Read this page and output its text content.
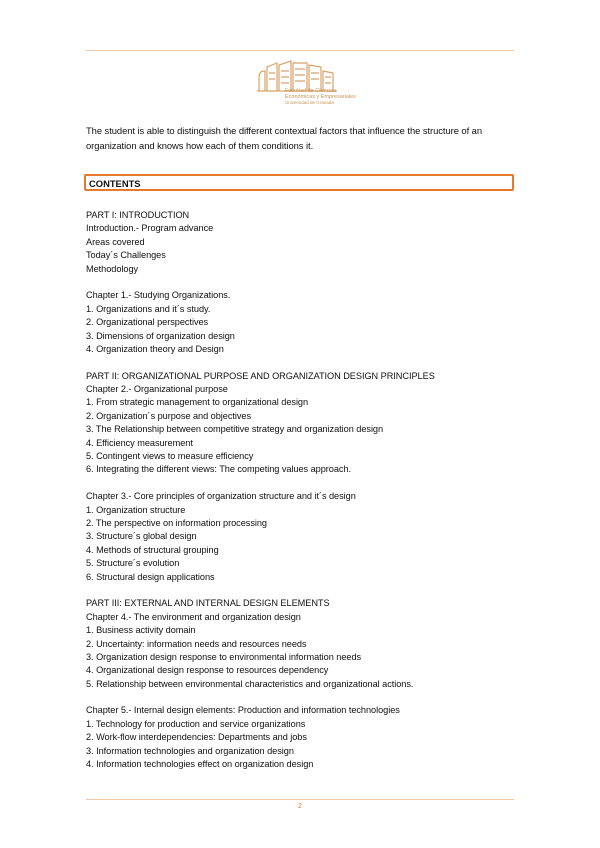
Facultad de Ciencias
Económicas y Empresariales
Universidad de Granada
The student is able to distinguish the different contextual factors that influence the structure of an organization and knows how each of them conditions it.
CONTENTS
PART I: INTRODUCTION
Introduction.- Program advance
Areas covered
Today´s Challenges
Methodology
Chapter 1.- Studying Organizations.
1. Organizations and it´s study.
2. Organizational perspectives
3. Dimensions of organization design
4. Organization theory and Design
PART II: ORGANIZATIONAL PURPOSE AND ORGANIZATION DESIGN PRINCIPLES
Chapter 2.- Organizational purpose
1. From strategic management to organizational design
2. Organization´s purpose and objectives
3. The Relationship between competitive strategy and organization design
4. Efficiency measurement
5. Contingent views to measure efficiency
6. Integrating the different views: The competing values approach.
Chapter 3.- Core principles of organization structure and it´s design
1. Organization structure
2. The perspective on information processing
3. Structure´s global design
4. Methods of structural grouping
5. Structure´s evolution
6. Structural design applications
PART III: EXTERNAL AND INTERNAL DESIGN ELEMENTS
Chapter 4.- The environment and organization design
1. Business activity domain
2. Uncertainty: information needs and resources needs
3. Organization design response to environmental information needs
4. Organizational design response to resources dependency
5. Relationship between environmental characteristics and organizational actions.
Chapter 5.- Internal design elements: Production and information technologies
1. Technology for production and service organizations
2. Work-flow interdependencies: Departments and jobs
3. Information technologies and organization design
4. Information technologies effect on organization design
2
